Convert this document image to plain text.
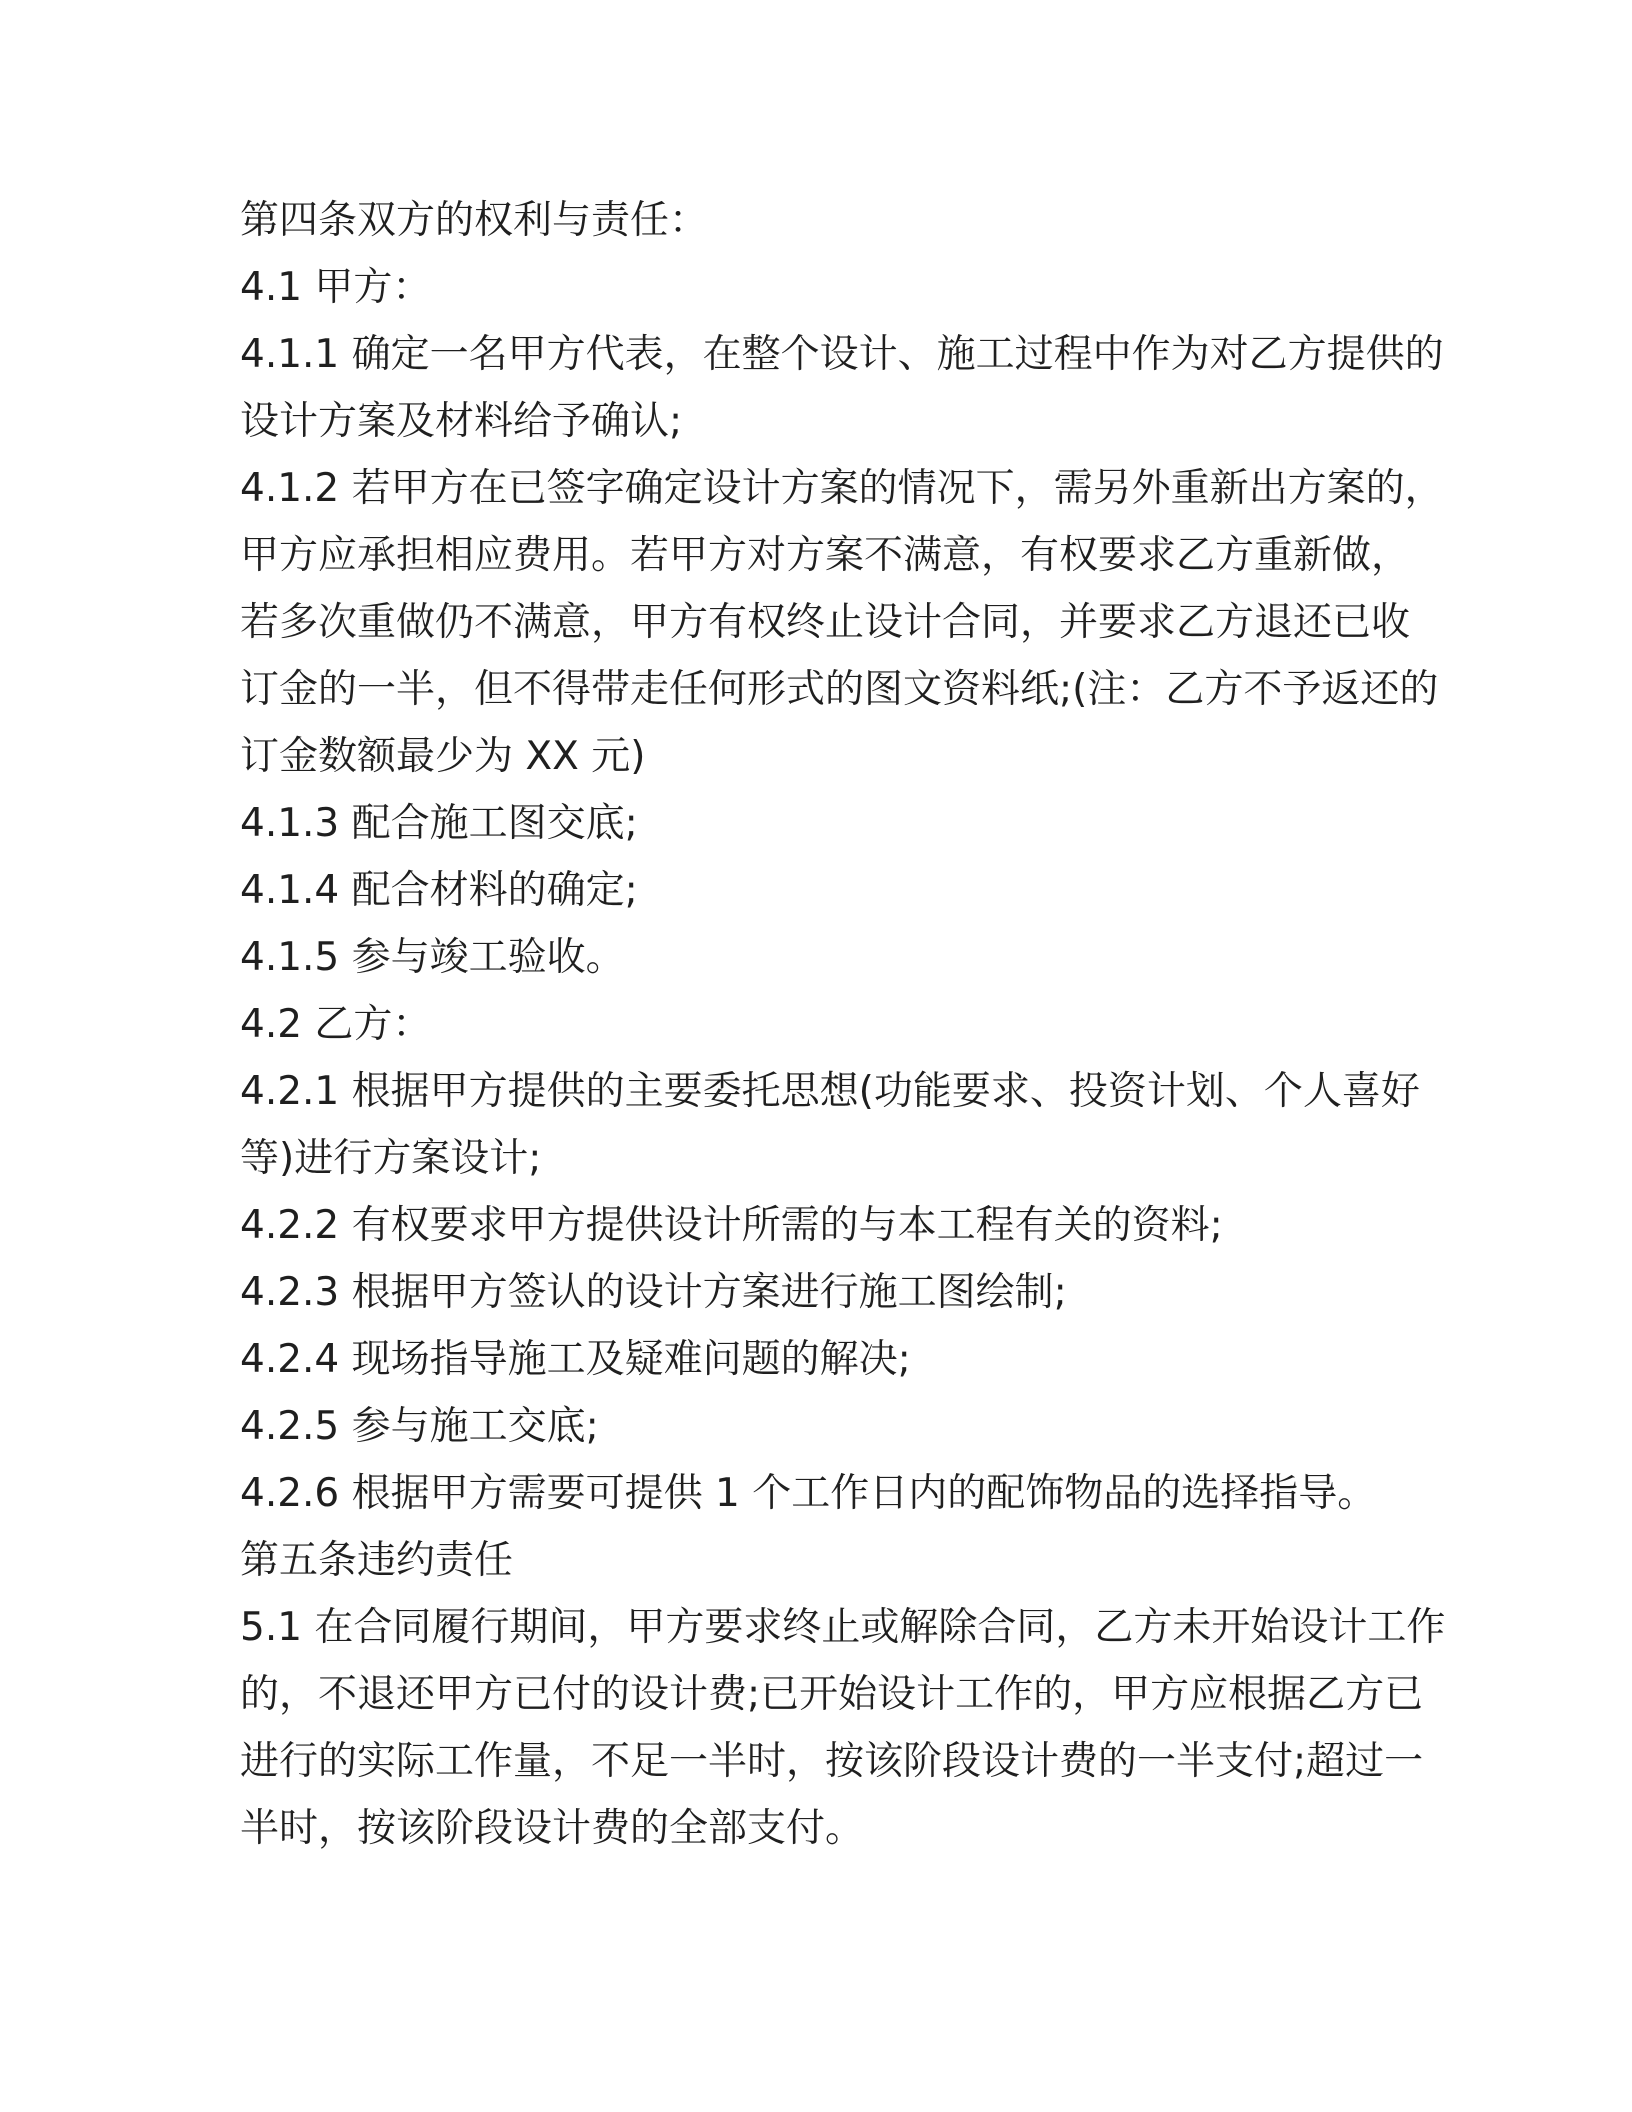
第四条双方的权利与责任：
4.1 甲方：
4.1.1 确定一名甲方代表，在整个设计、施工过程中作为对乙方提供的
设计方案及材料给予确认;
4.1.2 若甲方在已签字确定设计方案的情况下，需另外重新出方案的，
甲方应承担相应费用。若甲方对方案不满意，有权要求乙方重新做，
若多次重做仍不满意，甲方有权终止设计合同，并要求乙方退还已收
订金的一半，但不得带走任何形式的图文资料纸;(注：乙方不予返还的
订金数额最少为 XX 元)
4.1.3 配合施工图交底;
4.1.4 配合材料的确定;
4.1.5 参与竣工验收。
4.2 乙方：
4.2.1 根据甲方提供的主要委托思想(功能要求、投资计划、个人喜好
等)进行方案设计;
4.2.2 有权要求甲方提供设计所需的与本工程有关的资料;
4.2.3 根据甲方签认的设计方案进行施工图绘制;
4.2.4 现场指导施工及疑难问题的解决;
4.2.5 参与施工交底;
4.2.6 根据甲方需要可提供 1 个工作日内的配饰物品的选择指导。
第五条违约责任
5.1 在合同履行期间，甲方要求终止或解除合同，乙方未开始设计工作
的，不退还甲方已付的设计费;已开始设计工作的，甲方应根据乙方已
进行的实际工作量，不足一半时，按该阶段设计费的一半支付;超过一
半时，按该阶段设计费的全部支付。
